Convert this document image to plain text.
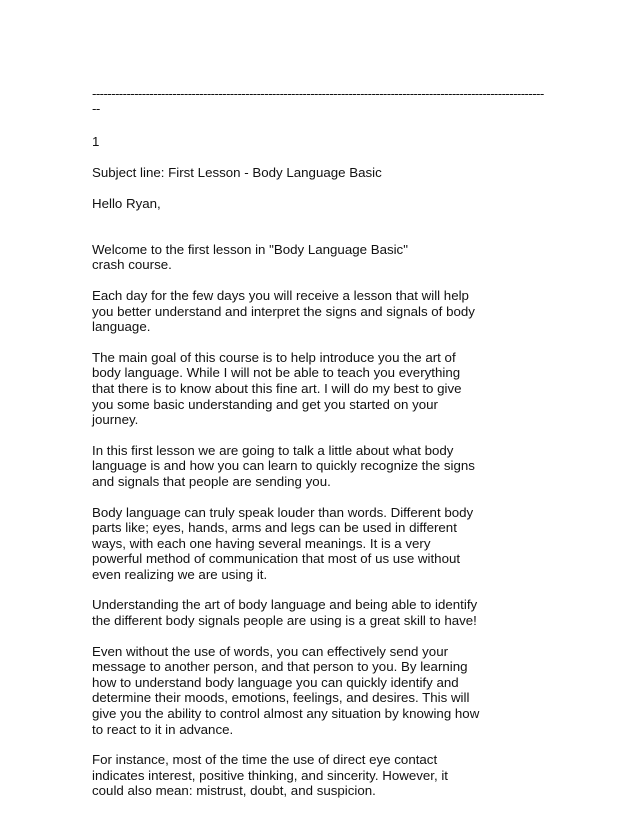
------------------------------------------------------------------------------------------------------------------------

1

Subject line: First Lesson - Body Language Basic

Hello Ryan,

Welcome to the first lesson in "Body Language Basic" crash course.

Each day for the few days you will receive a lesson that will help you better understand and interpret the signs and signals of body language.

The main goal of this course is to help introduce you the art of body language. While I will not be able to teach you everything that there is to know about this fine art. I will do my best to give you some basic understanding and get you started on your journey.

In this first lesson we are going to talk a little about what body language is and how you can learn to quickly recognize the signs and signals that people are sending you.

Body language can truly speak louder than words. Different body parts like; eyes, hands, arms and legs can be used in different ways, with each one having several meanings. It is a very powerful method of communication that most of us use without even realizing we are using it.

Understanding the art of body language and being able to identify the different body signals people are using is a great skill to have!

Even without the use of words, you can effectively send your message to another person, and that person to you. By learning how to understand body language you can quickly identify and determine their moods, emotions, feelings, and desires. This will give you the ability to control almost any situation by knowing how to react to it in advance.

For instance, most of the time the use of direct eye contact indicates interest, positive thinking, and sincerity. However, it could also mean: mistrust, doubt, and suspicion.
